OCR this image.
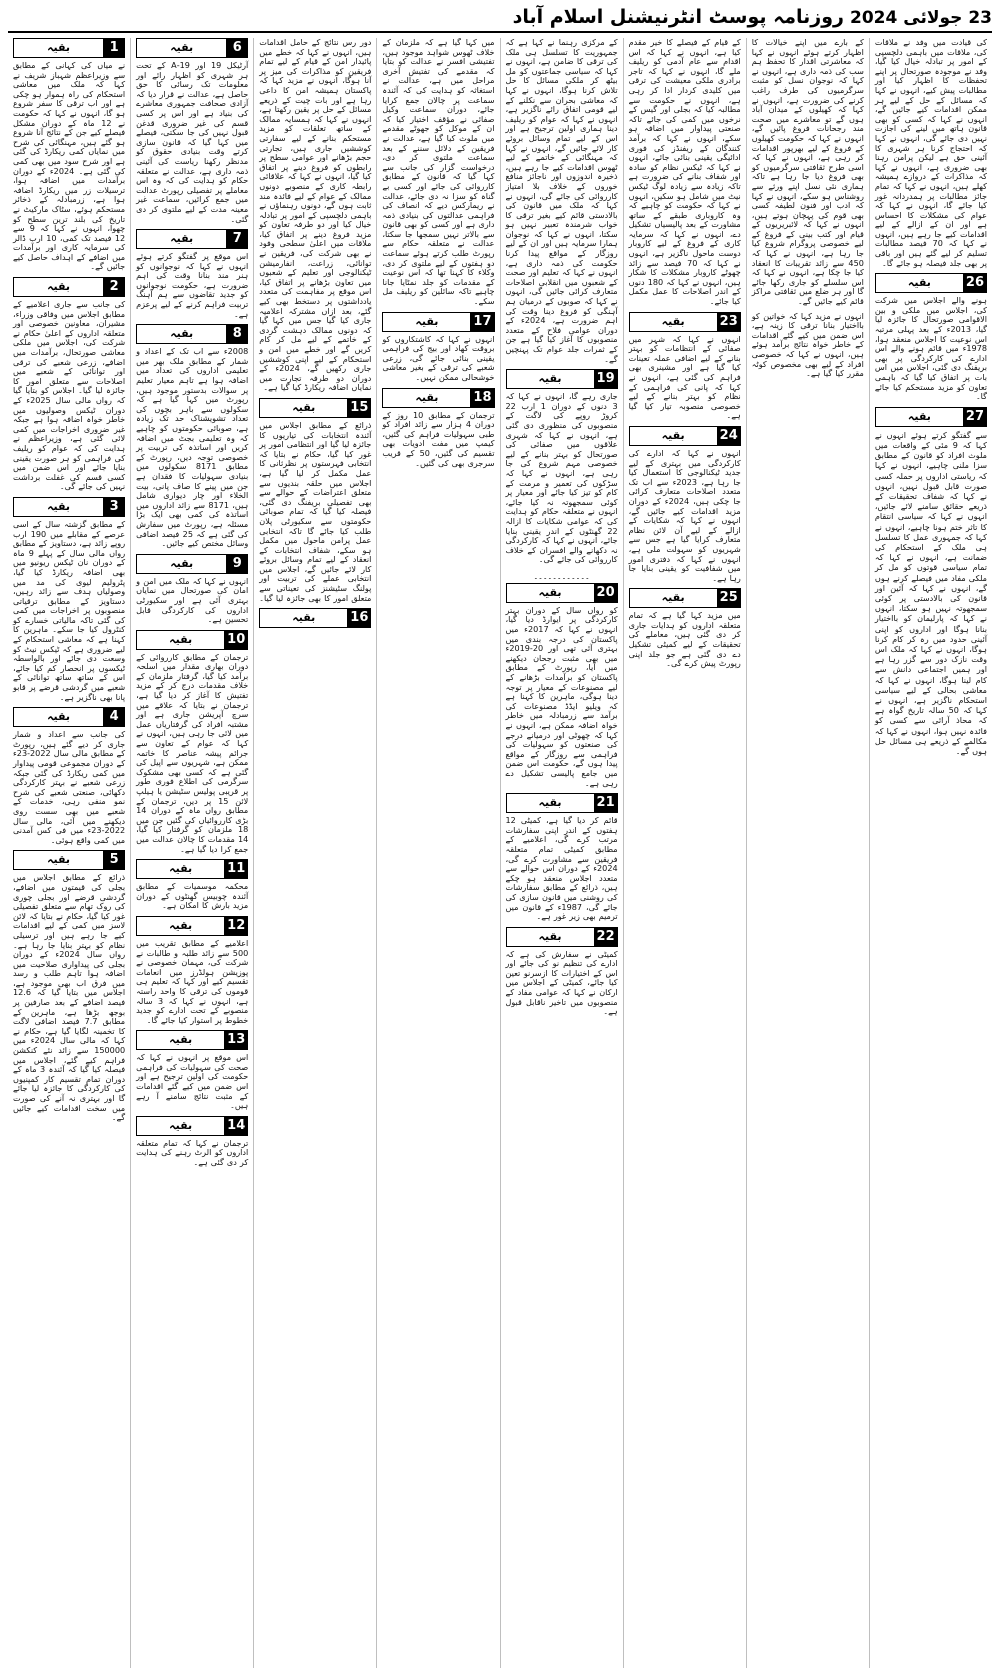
23 جولائی 2024
روزنامہ پوسٹ انٹرنیشنل اسلام آباد
کی قیادت میں وفد نے ملاقات کی، ملاقات میں باہمی دلچسپی کے امور پر تبادلہ خیال کیا گیا، وفد نے موجودہ صورتحال پر اپنے تحفظات کا اظہار کیا اور مطالبات پیش کیے، انہوں نے کہا کہ مسائل کے حل کے لیے ہر ممکن اقدامات کیے جائیں گے، انہوں نے کہا کہ کسی کو بھی قانون ہاتھ میں لینے کی اجازت نہیں دی جائے گی، انہوں نے کہا کہ احتجاج کرنا ہر شہری کا آئینی حق ہے لیکن پرامن رہنا بھی ضروری ہے، انہوں نے کہا کہ مذاکرات کے دروازے ہمیشہ کھلے ہیں، انہوں نے کہا کہ تمام جائز مطالبات پر ہمدردانہ غور کیا جائے گا، انہوں نے کہا کہ عوام کی مشکلات کا احساس ہے اور ان کے ازالے کے لیے اقدامات کیے جا رہے ہیں، انہوں نے کہا کہ 70 فیصد مطالبات تسلیم کر لیے گئے ہیں اور باقی پر بھی جلد فیصلہ ہو جائے گا۔
26
بقیہ
ہونے والے اجلاس میں شرکت کی، اجلاس میں ملکی و بین الاقوامی صورتحال کا جائزہ لیا گیا، 2013ء کے بعد پہلی مرتبہ اس نوعیت کا اجلاس منعقد ہوا، 1978ء میں قائم ہونے والے اس ادارے کی کارکردگی پر بھی بریفنگ دی گئی، اجلاس میں اس بات پر اتفاق کیا گیا کہ باہمی تعاون کو مزید مستحکم کیا جائے گا۔
27
بقیہ
سے گفتگو کرتے ہوئے انہوں نے کہا کہ 9 مئی کے واقعات میں ملوث افراد کو قانون کے مطابق سزا ملنی چاہیے، انہوں نے کہا کہ ریاستی اداروں پر حملہ کسی صورت قابل قبول نہیں، انہوں نے کہا کہ شفاف تحقیقات کے ذریعے حقائق سامنے لائے جائیں، انہوں نے کہا کہ سیاسی انتقام کا تاثر ختم ہونا چاہیے، انہوں نے کہا کہ جمہوری عمل کا تسلسل ہی ملک کے استحکام کی ضمانت ہے، انہوں نے کہا کہ تمام سیاسی قوتوں کو مل کر ملکی مفاد میں فیصلے کرنے ہوں گے، انہوں نے کہا کہ آئین اور قانون کی بالادستی پر کوئی سمجھوتہ نہیں ہو سکتا، انہوں نے کہا کہ پارلیمان کو بااختیار بنانا ہوگا اور اداروں کو اپنی آئینی حدود میں رہ کر کام کرنا ہوگا، انہوں نے کہا کہ ملک اس وقت نازک دور سے گزر رہا ہے اور ہمیں اجتماعی دانش سے کام لینا ہوگا، انہوں نے کہا کہ معاشی بحالی کے لیے سیاسی استحکام ناگزیر ہے، انہوں نے کہا کہ 50 سالہ تاریخ گواہ ہے کہ محاذ آرائی سے کسی کو فائدہ نہیں ہوا، انہوں نے کہا کہ مکالمے کے ذریعے ہی مسائل حل ہوں گے۔
کے بارے میں اپنے خیالات کا اظہار کرتے ہوئے انہوں نے کہا کہ معاشرتی اقدار کا تحفظ ہم سب کی ذمہ داری ہے، انہوں نے کہا کہ نوجوان نسل کو مثبت سرگرمیوں کی طرف راغب کرنے کی ضرورت ہے، انہوں نے کہا کہ کھیلوں کے میدان آباد ہوں گے تو معاشرے میں صحت مند رجحانات فروغ پائیں گے، انہوں نے کہا کہ حکومت کھیلوں کے فروغ کے لیے بھرپور اقدامات کر رہی ہے، انہوں نے کہا کہ اسی طرح ثقافتی سرگرمیوں کو بھی فروغ دیا جا رہا ہے تاکہ ہماری نئی نسل اپنے ورثے سے روشناس ہو سکے، انہوں نے کہا کہ ادب اور فنون لطیفہ کسی بھی قوم کی پہچان ہوتے ہیں، انہوں نے کہا کہ لائبریریوں کے قیام اور کتب بینی کے فروغ کے لیے خصوصی پروگرام شروع کیا جا رہا ہے، انہوں نے کہا کہ 450 سے زائد تقریبات کا انعقاد کیا جا چکا ہے، انہوں نے کہا کہ اس سلسلے کو جاری رکھا جائے گا اور ہر ضلع میں ثقافتی مراکز قائم کیے جائیں گے۔
انہوں نے مزید کہا کہ خواتین کو بااختیار بنانا ترقی کا زینہ ہے، اس ضمن میں کیے گئے اقدامات کے خاطر خواہ نتائج برآمد ہوئے ہیں، انہوں نے کہا کہ خصوصی افراد کے لیے بھی مخصوص کوٹہ مقرر کیا گیا ہے۔
کے قیام کے فیصلے کا خیر مقدم کیا ہے، انہوں نے کہا کہ اس اقدام سے عام آدمی کو ریلیف ملے گا، انہوں نے کہا کہ تاجر برادری ملکی معیشت کی ترقی میں کلیدی کردار ادا کر رہی ہے، انہوں نے حکومت سے مطالبہ کیا کہ بجلی اور گیس کے نرخوں میں کمی کی جائے تاکہ صنعتی پیداوار میں اضافہ ہو سکے، انہوں نے کہا کہ برآمد کنندگان کے ریفنڈز کی فوری ادائیگی یقینی بنائی جائے، انہوں نے کہا کہ ٹیکس نظام کو سادہ اور شفاف بنانے کی ضرورت ہے تاکہ زیادہ سے زیادہ لوگ ٹیکس نیٹ میں شامل ہو سکیں، انہوں نے کہا کہ حکومت کو چاہیے کہ وہ کاروباری طبقے کے ساتھ مشاورت کے بعد پالیسیاں تشکیل دے، انہوں نے کہا کہ سرمایہ کاری کے فروغ کے لیے کاروبار دوست ماحول ناگزیر ہے، انہوں نے کہا کہ 70 فیصد سے زائد چھوٹے کاروبار مشکلات کا شکار ہیں، انہوں نے کہا کہ 180 دنوں کے اندر اصلاحات کا عمل مکمل کیا جائے۔
23
بقیہ
انہوں نے کہا کہ شہر میں صفائی کے انتظامات کو بہتر بنانے کے لیے اضافی عملہ تعینات کیا گیا ہے اور مشینری بھی فراہم کی گئی ہے، انہوں نے کہا کہ پانی کی فراہمی کے نظام کو بہتر بنانے کے لیے خصوصی منصوبہ تیار کیا گیا ہے۔
24
بقیہ
انہوں نے کہا کہ ادارے کی کارکردگی میں بہتری کے لیے جدید ٹیکنالوجی کا استعمال کیا جا رہا ہے، 2023ء سے اب تک متعدد اصلاحات متعارف کرائی جا چکی ہیں، 2024ء کے دوران مزید اقدامات کیے جائیں گے، انہوں نے کہا کہ شکایات کے ازالے کے لیے آن لائن نظام متعارف کرایا گیا ہے جس سے شہریوں کو سہولت ملی ہے، انہوں نے کہا کہ دفتری امور میں شفافیت کو یقینی بنایا جا رہا ہے۔
25
بقیہ
میں مزید کہا گیا ہے کہ تمام متعلقہ اداروں کو ہدایات جاری کر دی گئی ہیں، معاملے کی تحقیقات کے لیے کمیٹی تشکیل دے دی گئی ہے جو جلد اپنی رپورٹ پیش کرے گی۔
کے مرکزی رہنما نے کہا ہے کہ جمہوریت کا تسلسل ہی ملک کی ترقی کا ضامن ہے، انہوں نے کہا کہ سیاسی جماعتوں کو مل بیٹھ کر ملکی مسائل کا حل تلاش کرنا ہوگا، انہوں نے کہا کہ معاشی بحران سے نکلنے کے لیے قومی اتفاق رائے ناگزیر ہے، انہوں نے کہا کہ عوام کو ریلیف دینا ہماری اولین ترجیح ہے اور اس کے لیے تمام وسائل بروئے کار لائے جائیں گے، انہوں نے کہا کہ مہنگائی کے خاتمے کے لیے ٹھوس اقدامات کیے جا رہے ہیں، ذخیرہ اندوزوں اور ناجائز منافع خوروں کے خلاف بلا امتیاز کارروائی کی جائے گی، انہوں نے کہا کہ ملک میں قانون کی بالادستی قائم کیے بغیر ترقی کا خواب شرمندہ تعبیر نہیں ہو سکتا، انہوں نے کہا کہ نوجوان ہمارا سرمایہ ہیں اور ان کے لیے روزگار کے مواقع پیدا کرنا حکومت کی ذمہ داری ہے، انہوں نے کہا کہ تعلیم اور صحت کے شعبوں میں انقلابی اصلاحات متعارف کرائی جائیں گی، انہوں نے کہا کہ صوبوں کے درمیان ہم آہنگی کو فروغ دینا وقت کی اہم ضرورت ہے، 2024ء کے دوران عوامی فلاح کے متعدد منصوبوں کا آغاز کیا گیا ہے جن کے ثمرات جلد عوام تک پہنچیں گے۔
19
بقیہ
جاری رہے گا، انہوں نے کہا کہ 3 دنوں کے دوران 1 ارب 22 کروڑ روپے کی لاگت کے منصوبوں کی منظوری دی گئی ہے، انہوں نے کہا کہ شہری علاقوں میں صفائی کی صورتحال کو بہتر بنانے کے لیے خصوصی مہم شروع کی جا رہی ہے، انہوں نے کہا کہ سڑکوں کی تعمیر و مرمت کے کام کو تیز کیا جائے اور معیار پر کوئی سمجھوتہ نہ کیا جائے، انہوں نے متعلقہ حکام کو ہدایت کی کہ عوامی شکایات کا ازالہ 22 گھنٹوں کے اندر یقینی بنایا جائے، انہوں نے کہا کہ کارکردگی نہ دکھانے والے افسران کے خلاف کارروائی کی جائے گی۔
۔۔۔۔۔۔۔۔۔۔۔۔
20
بقیہ
کو رواں سال کے دوران بہتر کارکردگی پر ایوارڈ دیا گیا، انہوں نے کہا کہ 2017ء میں پاکستان کی درجہ بندی میں بہتری آئی تھی اور 20-2019ء میں بھی مثبت رجحان دیکھنے میں آیا، رپورٹ کے مطابق پاکستان کو برآمدات بڑھانے کے لیے مصنوعات کے معیار پر توجہ دینا ہوگی، ماہرین کا کہنا ہے کہ ویلیو ایڈڈ مصنوعات کی برآمد سے زرمبادلہ میں خاطر خواہ اضافہ ممکن ہے، انہوں نے کہا کہ چھوٹی اور درمیانے درجے کی صنعتوں کو سہولیات کی فراہمی سے روزگار کے مواقع پیدا ہوں گے، حکومت اس ضمن میں جامع پالیسی تشکیل دے رہی ہے۔
21
بقیہ
قائم کر دیا گیا ہے، کمیٹی 12 ہفتوں کے اندر اپنی سفارشات مرتب کرے گی، اعلامیے کے مطابق کمیٹی تمام متعلقہ فریقین سے مشاورت کرے گی، 2024ء کے دوران اس حوالے سے متعدد اجلاس منعقد ہو چکے ہیں، ذرائع کے مطابق سفارشات کی روشنی میں قانون سازی کی جائے گی، 1987ء کے قانون میں ترمیم بھی زیر غور ہے۔
22
بقیہ
کمیٹی نے سفارش کی ہے کہ ادارے کی تنظیم نو کی جائے اور اس کے اختیارات کا ازسرنو تعین کیا جائے، کمیٹی کے اجلاس میں ارکان نے کہا کہ عوامی مفاد کے منصوبوں میں تاخیر ناقابل قبول ہے۔
میں کہا گیا ہے کہ ملزمان کے خلاف ٹھوس شواہد موجود ہیں، تفتیشی افسر نے عدالت کو بتایا کہ مقدمے کی تفتیش آخری مراحل میں ہے، عدالت نے استغاثہ کو ہدایت کی کہ آئندہ سماعت پر چالان جمع کرایا جائے، دوران سماعت وکیل صفائی نے مؤقف اختیار کیا کہ ان کے موکل کو جھوٹے مقدمے میں ملوث کیا گیا ہے، عدالت نے فریقین کے دلائل سننے کے بعد سماعت ملتوی کر دی، درخواست گزار کی جانب سے کہا گیا کہ قانون کے مطابق کارروائی کی جائے اور کسی بے گناہ کو سزا نہ دی جائے، عدالت نے ریمارکس دیے کہ انصاف کی فراہمی عدالتوں کی بنیادی ذمہ داری ہے اور کسی کو بھی قانون سے بالاتر نہیں سمجھا جا سکتا، عدالت نے متعلقہ حکام سے رپورٹ طلب کرتے ہوئے سماعت دو ہفتوں کے لیے ملتوی کر دی، وکلاء کا کہنا تھا کہ اس نوعیت کے مقدمات کو جلد نمٹایا جانا چاہیے تاکہ سائلین کو ریلیف مل سکے۔
17
بقیہ
انہوں نے کہا کہ کاشتکاروں کو بروقت کھاد اور بیج کی فراہمی یقینی بنائی جائے گی، زرعی شعبے کی ترقی کے بغیر معاشی خوشحالی ممکن نہیں۔
18
بقیہ
ترجمان کے مطابق 10 روز کے دوران 4 ہزار سے زائد افراد کو طبی سہولیات فراہم کی گئیں، کیمپ میں مفت ادویات بھی تقسیم کی گئیں، 50 کے قریب سرجری بھی کی گئیں۔
دور رس نتائج کے حامل اقدامات ہیں، انہوں نے کہا کہ خطے میں پائیدار امن کے قیام کے لیے تمام فریقین کو مذاکرات کی میز پر آنا ہوگا، انہوں نے مزید کہا کہ پاکستان ہمیشہ امن کا داعی رہا ہے اور بات چیت کے ذریعے مسائل کے حل پر یقین رکھتا ہے، انہوں نے کہا کہ ہمسایہ ممالک کے ساتھ تعلقات کو مزید مستحکم بنانے کے لیے سفارتی کوششیں جاری ہیں، تجارتی حجم بڑھانے اور عوامی سطح پر رابطوں کو فروغ دینے پر اتفاق کیا گیا، انہوں نے کہا کہ علاقائی رابطہ کاری کے منصوبے دونوں ممالک کے عوام کے لیے فائدہ مند ثابت ہوں گے، دونوں رہنماؤں نے باہمی دلچسپی کے امور پر تبادلہ خیال کیا اور دو طرفہ تعاون کو مزید فروغ دینے پر اتفاق کیا، ملاقات میں اعلیٰ سطحی وفود نے بھی شرکت کی، فریقین نے توانائی، زراعت، انفارمیشن ٹیکنالوجی اور تعلیم کے شعبوں میں تعاون بڑھانے پر اتفاق کیا، اس موقع پر مفاہمت کی متعدد یادداشتوں پر دستخط بھی کیے گئے، بعد ازاں مشترکہ اعلامیہ جاری کیا گیا جس میں کہا گیا کہ دونوں ممالک دہشت گردی کے خاتمے کے لیے مل کر کام کریں گے اور خطے میں امن و استحکام کے لیے اپنی کوششیں جاری رکھیں گے، 2024ء کے دوران دو طرفہ تجارت میں نمایاں اضافہ ریکارڈ کیا گیا ہے۔
15
بقیہ
ذرائع کے مطابق اجلاس میں آئندہ انتخابات کی تیاریوں کا جائزہ لیا گیا اور انتظامی امور پر غور کیا گیا، حکام نے بتایا کہ انتخابی فہرستوں پر نظرثانی کا عمل مکمل کر لیا گیا ہے، اجلاس میں حلقہ بندیوں سے متعلق اعتراضات کے حوالے سے بھی تفصیلی بریفنگ دی گئی، فیصلہ کیا گیا کہ تمام صوبائی حکومتوں سے سکیورٹی پلان طلب کیا جائے گا تاکہ انتخابی عمل پرامن ماحول میں مکمل ہو سکے، شفاف انتخابات کے انعقاد کے لیے تمام وسائل بروئے کار لائے جائیں گے، اجلاس میں انتخابی عملے کی تربیت اور پولنگ سٹیشنز کی تعیناتی سے متعلق امور کا بھی جائزہ لیا گیا۔
16
بقیہ
6
بقیہ
آرٹیکل 19 اور 19-A کے تحت ہر شہری کو اظہار رائے اور معلومات تک رسائی کا حق حاصل ہے، عدالت نے قرار دیا کہ آزادی صحافت جمہوری معاشرے کی بنیاد ہے اور اس پر کسی قسم کی غیر ضروری قدغن قبول نہیں کی جا سکتی، فیصلے میں کہا گیا کہ قانون سازی کرتے وقت بنیادی حقوق کو مدنظر رکھنا ریاست کی آئینی ذمہ داری ہے، عدالت نے متعلقہ حکام کو ہدایت کی کہ وہ اس معاملے پر تفصیلی رپورٹ عدالت میں جمع کرائیں، سماعت غیر معینہ مدت کے لیے ملتوی کر دی گئی۔
7
بقیہ
اس موقع پر گفتگو کرتے ہوئے انہوں نے کہا کہ نوجوانوں کو ہنر مند بنانا وقت کی اہم ضرورت ہے، حکومت نوجوانوں کو جدید تقاضوں سے ہم آہنگ تربیت فراہم کرنے کے لیے پرعزم ہے۔
8
بقیہ
2008ء سے اب تک کے اعداد و شمار کے مطابق ملک بھر میں تعلیمی اداروں کی تعداد میں اضافہ ہوا ہے تاہم معیار تعلیم پر سوالات بدستور موجود ہیں، رپورٹ میں کہا گیا ہے کہ سکولوں سے باہر بچوں کی تعداد تشویشناک حد تک زیادہ ہے، صوبائی حکومتوں کو چاہیے کہ وہ تعلیمی بجٹ میں اضافہ کریں اور اساتذہ کی تربیت پر خصوصی توجہ دیں، رپورٹ کے مطابق 8171 سکولوں میں بنیادی سہولیات کا فقدان ہے جن میں پینے کا صاف پانی، بیت الخلاء اور چار دیواری شامل ہیں، 8171 سے زائد اداروں میں اساتذہ کی کمی بھی ایک بڑا مسئلہ ہے، رپورٹ میں سفارش کی گئی ہے کہ 25 فیصد اضافی وسائل مختص کیے جائیں۔
9
بقیہ
انہوں نے کہا کہ ملک میں امن و امان کی صورتحال میں نمایاں بہتری آئی ہے اور سکیورٹی اداروں کی کارکردگی قابل تحسین ہے۔
10
بقیہ
ترجمان کے مطابق کارروائی کے دوران بھاری مقدار میں اسلحہ برآمد کیا گیا، گرفتار ملزمان کے خلاف مقدمات درج کر کے مزید تفتیش کا آغاز کر دیا گیا ہے، ترجمان نے بتایا کہ علاقے میں سرچ آپریشن جاری ہے اور مشتبہ افراد کی گرفتاریاں عمل میں لائی جا رہی ہیں، انہوں نے کہا کہ عوام کے تعاون سے جرائم پیشہ عناصر کا خاتمہ ممکن ہے، شہریوں سے اپیل کی گئی ہے کہ کسی بھی مشکوک سرگرمی کی اطلاع فوری طور پر قریبی پولیس سٹیشن یا ہیلپ لائن 15 پر دیں، ترجمان کے مطابق رواں ماہ کے دوران 14 بڑی کارروائیاں کی گئیں جن میں 18 ملزمان کو گرفتار کیا گیا، 14 مقدمات کا چالان عدالت میں جمع کرا دیا گیا ہے۔
11
بقیہ
محکمہ موسمیات کے مطابق آئندہ چوبیس گھنٹوں کے دوران مزید بارش کا امکان ہے۔
12
بقیہ
اعلامیے کے مطابق تقریب میں 500 سے زائد طلبہ و طالبات نے شرکت کی، مہمان خصوصی نے پوزیشن ہولڈرز میں انعامات تقسیم کیے اور کہا کہ تعلیم ہی قوموں کی ترقی کا واحد راستہ ہے، انہوں نے کہا کہ 3 سالہ منصوبے کے تحت ادارے کو جدید خطوط پر استوار کیا جائے گا۔
13
بقیہ
اس موقع پر انہوں نے کہا کہ صحت کی سہولیات کی فراہمی حکومت کی اولین ترجیح ہے اور اس ضمن میں کیے گئے اقدامات کے مثبت نتائج سامنے آ رہے ہیں۔
14
بقیہ
ترجمان نے کہا کہ تمام متعلقہ اداروں کو الرٹ رہنے کی ہدایت کر دی گئی ہے۔
1
بقیہ
نے میاں کی کہانی کے مطابق سے وزیراعظم شہباز شریف نے کہا کہ ملک میں معاشی استحکام کی راہ ہموار ہو چکی ہے اور اب ترقی کا سفر شروع ہو گا، انہوں نے کہا کہ حکومت نے 12 ماہ کے دوران مشکل فیصلے کیے جن کے نتائج آنا شروع ہو گئے ہیں، مہنگائی کی شرح میں نمایاں کمی ریکارڈ کی گئی ہے اور شرح سود میں بھی کمی کی گئی ہے۔ 2024ء کے دوران برآمدات میں اضافہ ہوا، ترسیلات زر میں ریکارڈ اضافہ ہوا ہے، زرمبادلہ کے ذخائر مستحکم ہوئے، سٹاک مارکیٹ نے تاریخ کی بلند ترین سطح کو چھوا، انہوں نے کہا کہ 9 سے 12 فیصد تک کمی، 10 ارب ڈالر کی سرمایہ کاری اور برآمدات میں اضافے کے اہداف حاصل کیے جائیں گے۔
2
بقیہ
کی جانب سے جاری اعلامیے کے مطابق اجلاس میں وفاقی وزراء، مشیران، معاونین خصوصی اور متعلقہ اداروں کے اعلیٰ حکام نے شرکت کی، اجلاس میں ملکی معاشی صورتحال، برآمدات میں اضافے، زرعی شعبے کی ترقی اور توانائی کے شعبے میں اصلاحات سے متعلق امور کا جائزہ لیا گیا۔ اجلاس کو بتایا گیا کہ رواں مالی سال 2025ء کے دوران ٹیکس وصولیوں میں خاطر خواہ اضافہ ہوا ہے جبکہ غیر ضروری اخراجات میں کمی لائی گئی ہے، وزیراعظم نے ہدایت کی کہ عوام کو ریلیف کی فراہمی کو ہر صورت یقینی بنایا جائے اور اس ضمن میں کسی قسم کی غفلت برداشت نہیں کی جائے گی۔
3
بقیہ
کے مطابق گزشتہ سال کے اسی عرصے کے مقابلے میں 190 ارب روپے زائد ہے، دستاویز کے مطابق رواں مالی سال کے پہلے 9 ماہ کے دوران نان ٹیکس ریونیو میں بھی اضافہ ریکارڈ کیا گیا، پٹرولیم لیوی کی مد میں وصولیاں ہدف سے زائد رہیں، دستاویز کے مطابق ترقیاتی منصوبوں پر اخراجات میں کمی کی گئی تاکہ مالیاتی خسارے کو کنٹرول کیا جا سکے۔ ماہرین کا کہنا ہے کہ معاشی استحکام کے لیے ضروری ہے کہ ٹیکس نیٹ کو وسعت دی جائے اور بالواسطہ ٹیکسوں پر انحصار کم کیا جائے، اس کے ساتھ ساتھ توانائی کے شعبے میں گردشی قرضے پر قابو پانا بھی ناگزیر ہے۔
4
بقیہ
کی جانب سے اعداد و شمار جاری کر دیے گئے ہیں، رپورٹ کے مطابق مالی سال 2022-23ء کے دوران مجموعی قومی پیداوار میں کمی ریکارڈ کی گئی جبکہ زرعی شعبے نے بہتر کارکردگی دکھائی، صنعتی شعبے کی شرح نمو منفی رہی، خدمات کے شعبے میں بھی سست روی دیکھنے میں آئی، مالی سال 2022-23ء میں فی کس آمدنی میں کمی واقع ہوئی۔
5
بقیہ
ذرائع کے مطابق اجلاس میں بجلی کی قیمتوں میں اضافے، گردشی قرضے اور بجلی چوری کی روک تھام سے متعلق تفصیلی غور کیا گیا، حکام نے بتایا کہ لائن لاسز میں کمی کے لیے اقدامات کیے جا رہے ہیں اور ترسیلی نظام کو بہتر بنایا جا رہا ہے۔ رواں سال 2024ء کے دوران بجلی کی پیداواری صلاحیت میں اضافہ ہوا تاہم طلب و رسد میں فرق اب بھی موجود ہے، اجلاس میں بتایا گیا کہ 12.6 فیصد اضافے کے بعد صارفین پر بوجھ بڑھا ہے، ماہرین کے مطابق 7.7 فیصد اضافی لاگت کا تخمینہ لگایا گیا ہے، حکام نے کہا کہ مالی سال 2024ء میں 150000 سے زائد نئے کنکشن فراہم کیے گئے، اجلاس میں فیصلہ کیا گیا کہ آئندہ 3 ماہ کے دوران تمام تقسیم کار کمپنیوں کی کارکردگی کا جائزہ لیا جائے گا اور بہتری نہ آنے کی صورت میں سخت اقدامات کیے جائیں گے۔
